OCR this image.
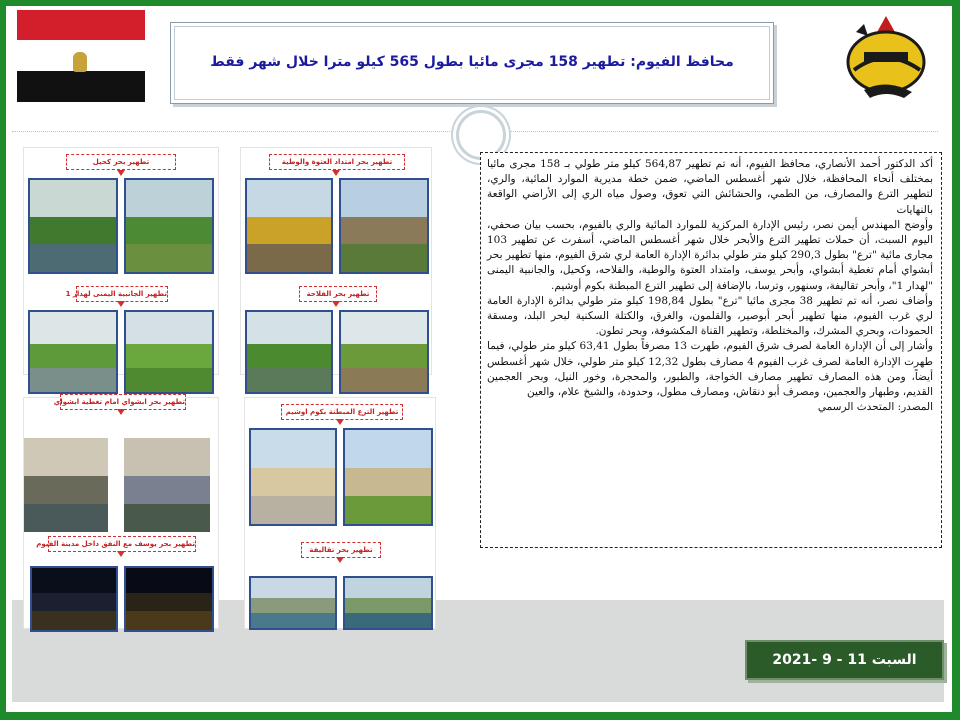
محافظ الفيوم: تطهير 158 مجرى مائيا بطول 565 كيلو مترا خلال شهر فقط
تطهير بحر كحيل
تطهير الجانبية اليمنى لهدار 1
تطهير بحر امتداد العتوة والوطية
تطهير بحر الفلاحة
تطهير بحر ابشواي امام تغطية ابشواي
تطهير بحر يوسف مع النفق داخل مدينة الفيوم
تطهير الترع المبطنة بكوم اوشيم
تطهير بحر تقاليفة

أكد الدكتور أحمد الأنصاري، محافظ الفيوم، أنه تم تطهير 564,87 كيلو متر طولي بـ 158 مجرى مائيا بمختلف أنحاء المحافظة، خلال شهر أغسطس الماضي، ضمن خطة مديرية الموارد المائية، والري، لتطهير الترع والمصارف، من الطمي، والحشائش التي تعوق، وصول مياه الري إلى الأراضي الواقعة بالنهايات

وأوضح المهندس أيمن نصر، رئيس الإدارة المركزية للموارد المائية والري بالفيوم، بحسب بيان صحفي، اليوم السبت، أن حملات تطهير الترع والأبحر خلال شهر أغسطس الماضي، أسفرت عن تطهير 103 مجارى مائية "ترع" بطول 290,3 كيلو متر طولي بدائرة الإدارة العامة لري شرق الفيوم، منها تطهير بحر أبشواي أمام تغطية أبشواي، وأبحر يوسف، وامتداد العتوة والوطية، والفلاحه، وكحيل، والجانبية اليمنى "لهدار 1"، وأبحر تقاليفة، وسنهور، وترسا، بالإضافة إلى تطهير الترع المبطنة بكوم أوشيم.

وأضاف نصر، أنه تم تطهير 38 مجرى مائيا "ترع" بطول 198,84 كيلو متر طولي بدائرة الإدارة العامة لري غرب الفيوم، منها تطهير أبحر أبوصير، والقلمون، والغرق، والكتلة السكنية لبحر البلد، ومسقة الحمودات، وبحري المشرك، والمختلطة، وتطهير القناة المكشوفة، وبحر تطون.

وأشار إلى أن الإدارة العامة لصرف شرق الفيوم، طهرت 13 مصرفاً بطول 63,41 كيلو متر طولي، فيما طهرت الإدارة العامة لصرف غرب الفيوم 4 مصارف بطول 12,32 كيلو متر طولي، خلال شهر أغسطس أيضاً، ومن هذه المصارف تطهير مصارف الخواجة، والطبور، والمحجرة، وخور النيل، وبحر العجمين القديم، وطبهار والعجمين، ومصرف أبو دنقاش، ومصارف مطول، وحدودة، والشيخ علام، والعين

المصدر: المتحدث الرسمي

السبت 11 - 9 -2021
